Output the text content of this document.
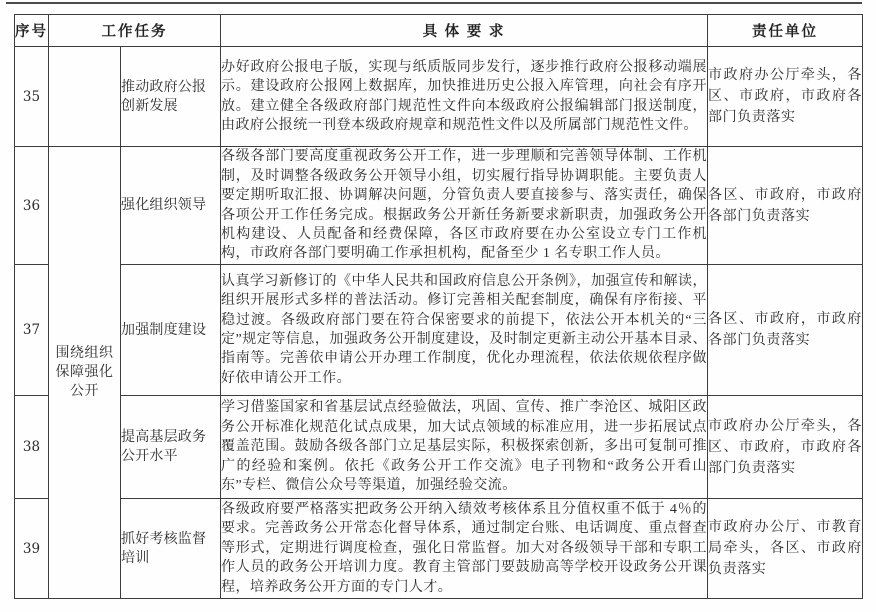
序号	工作任务		具 体 要 求	责任单位
35		推动政府公报创新发展	办好政府公报电子版，实现与纸质版同步发行，逐步推行政府公报移动端展示。建设政府公报网上数据库，加快推进历史公报入库管理，向社会有序开放。建立健全各级政府部门规范性文件向本级政府公报编辑部门报送制度，由政府公报统一刊登本级政府规章和规范性文件以及所属部门规范性文件。	市政府办公厅牵头，各区、市政府，市政府各部门负责落实
36	围绕组织保障强化公开	强化组织领导	各级各部门要高度重视政务公开工作，进一步理顺和完善领导体制、工作机制，及时调整各级政务公开领导小组，切实履行指导协调职能。主要负责人要定期听取汇报、协调解决问题，分管负责人要直接参与、落实责任，确保各项公开工作任务完成。根据政务公开新任务新要求新职责，加强政务公开机构建设、人员配备和经费保障，各区市政府要在办公室设立专门工作机构，市政府各部门要明确工作承担机构，配备至少 1 名专职工作人员。	各区、市政府，市政府各部门负责落实
37		加强制度建设	认真学习新修订的《中华人民共和国政府信息公开条例》，加强宣传和解读，组织开展形式多样的普法活动。修订完善相关配套制度，确保有序衔接、平稳过渡。各级政府部门要在符合保密要求的前提下，依法公开本机关的“三定”规定等信息，加强政务公开制度建设，及时制定更新主动公开基本目录、指南等。完善依申请公开办理工作制度，优化办理流程，依法依规依程序做好依申请公开工作。	各区、市政府，市政府各部门负责落实
38		提高基层政务公开水平	学习借鉴国家和省基层试点经验做法，巩固、宣传、推广李沧区、城阳区政务公开标准化规范化试点成果，加大试点领域的标准应用，进一步拓展试点覆盖范围。鼓励各级各部门立足基层实际，积极探索创新，多出可复制可推广的经验和案例。依托《政务公开工作交流》电子刊物和“政务公开看山东”专栏、微信公众号等渠道，加强经验交流。	市政府办公厅牵头，各区、市政府，市政府各部门负责落实
39		抓好考核监督培训	各级政府要严格落实把政务公开纳入绩效考核体系且分值权重不低于 4％的要求。完善政务公开常态化督导体系，通过制定台账、电话调度、重点督查等形式，定期进行调度检查，强化日常监督。加大对各级领导干部和专职工作人员的政务公开培训力度。教育主管部门要鼓励高等学校开设政务公开课程，培养政务公开方面的专门人才。	市政府办公厅、市教育局牵头，各区、市政府负责落实
